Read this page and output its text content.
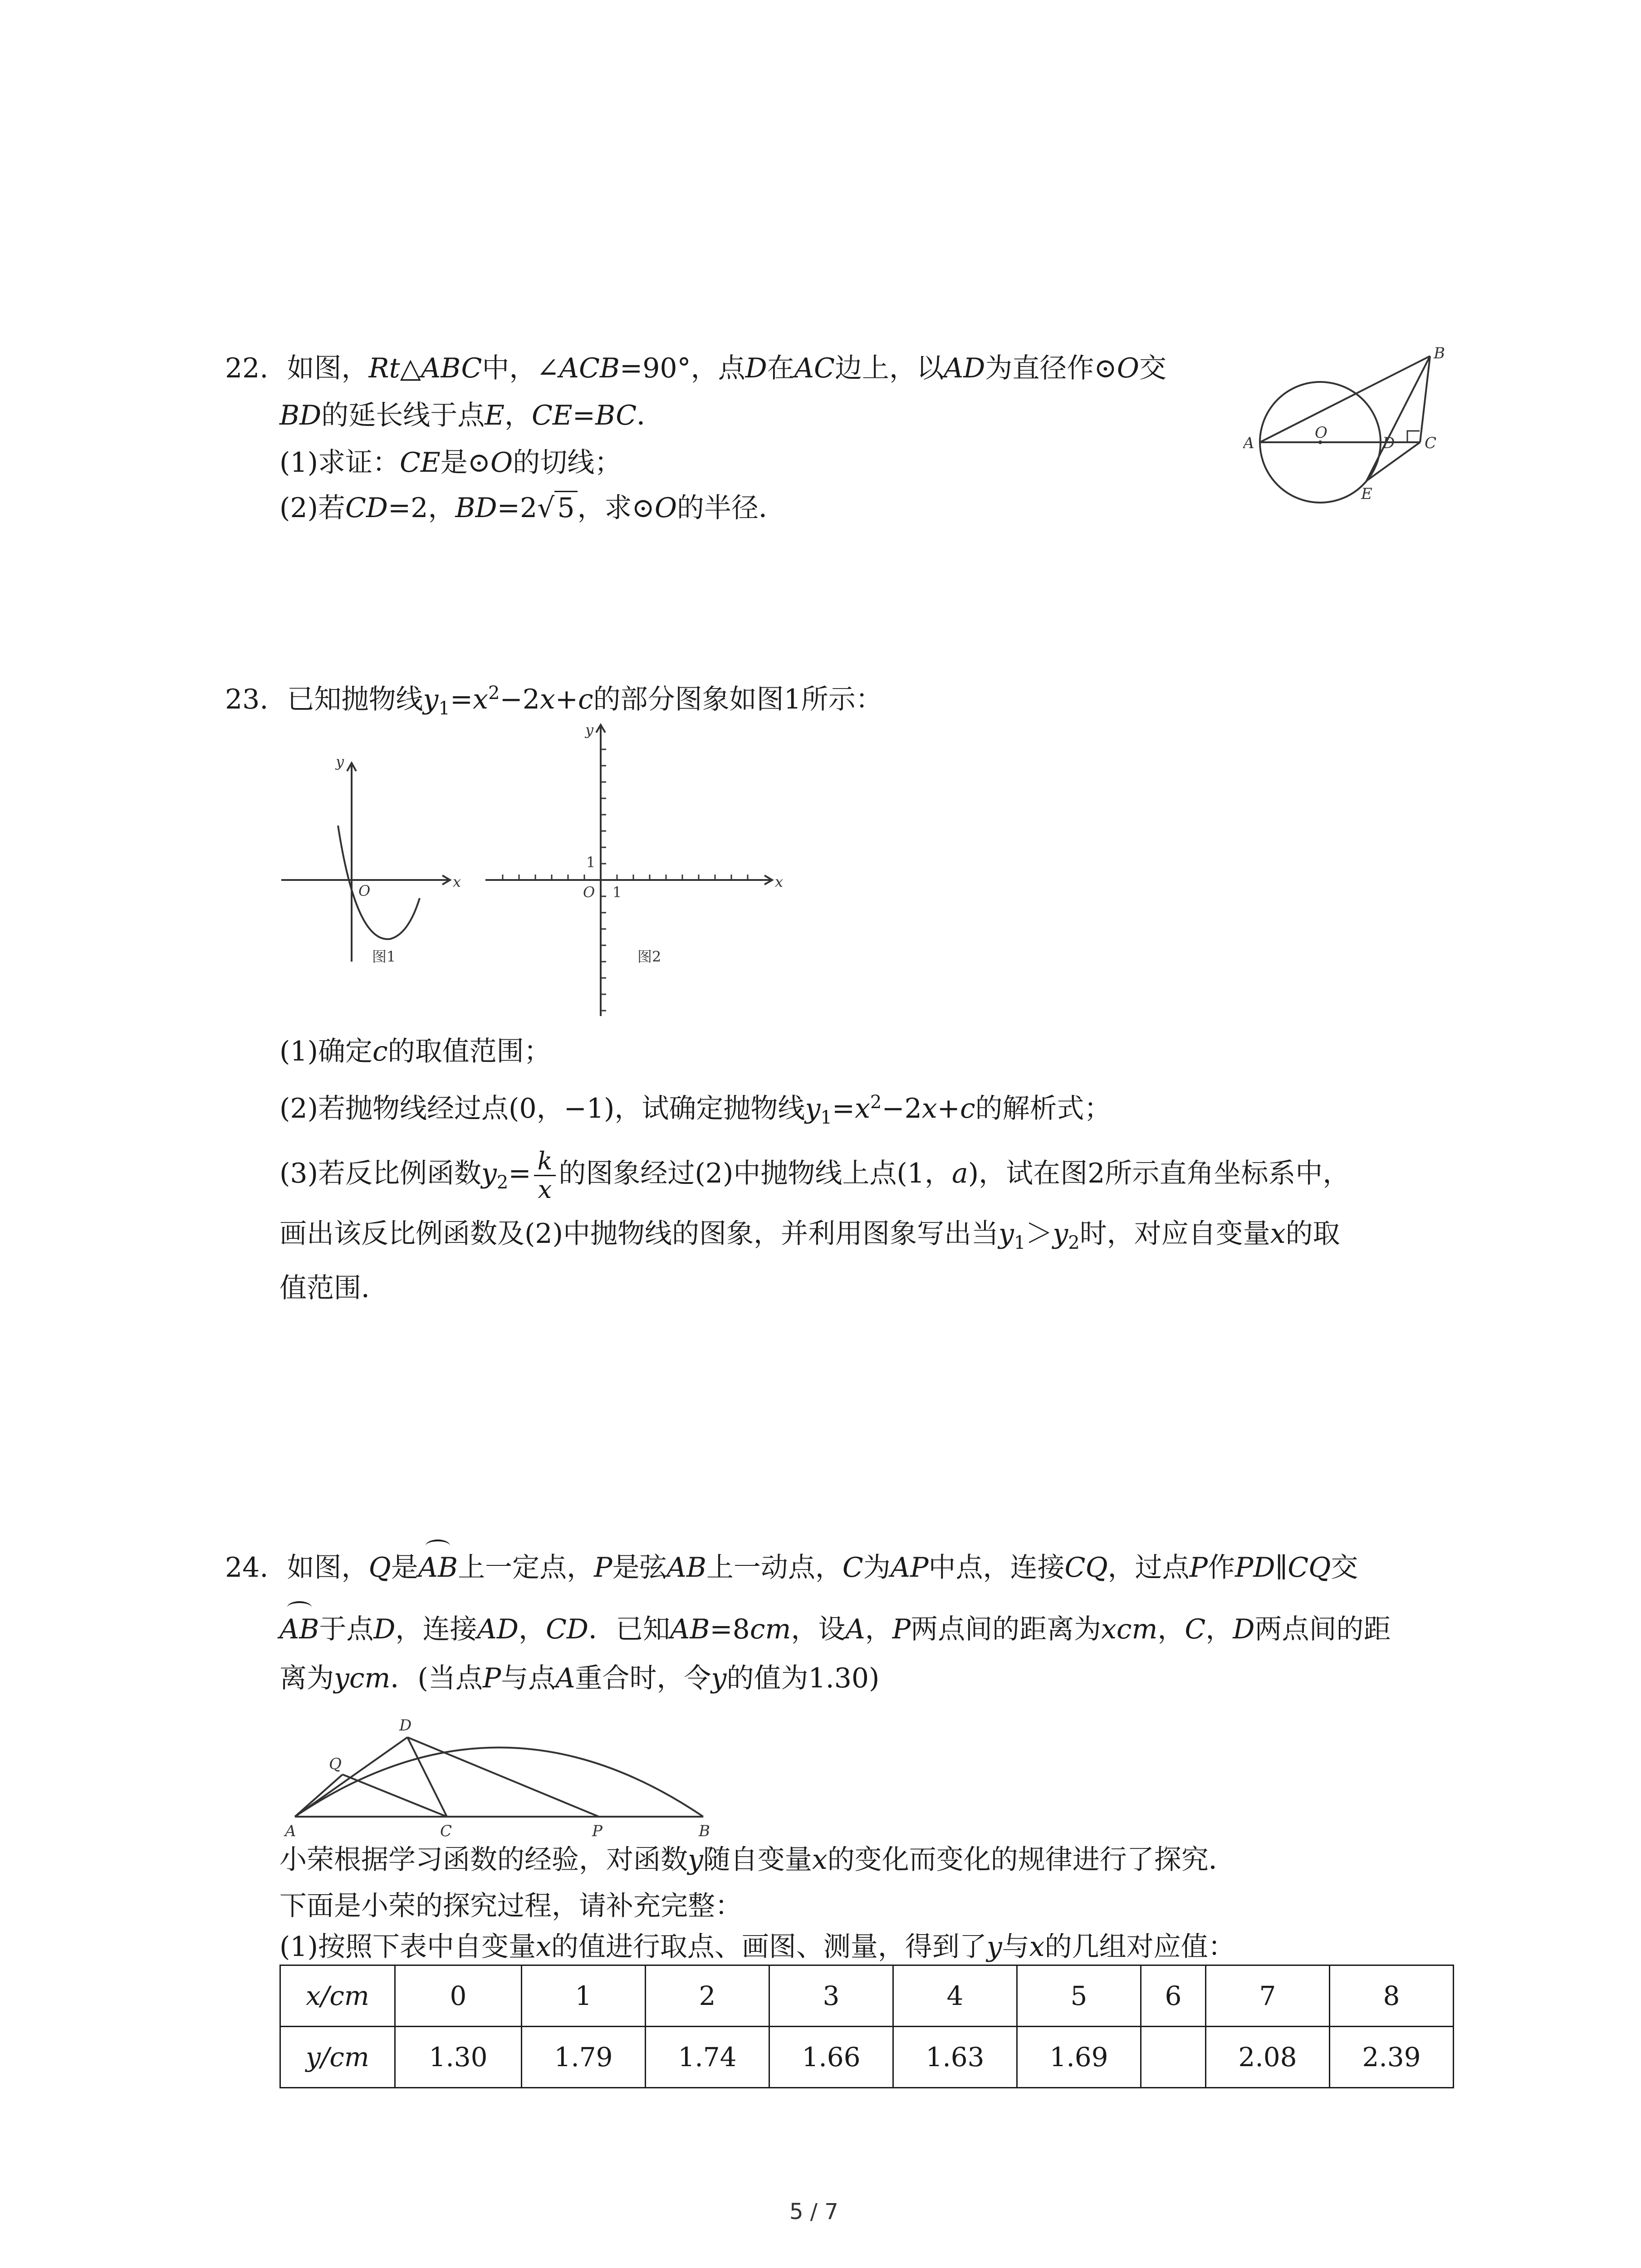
22. 如图，Rt△ABC中，∠ACB=90°，点D在AC边上，以AD为直径作⊙O交
BD的延长线于点E，CE=BC．
(1)求证：CE是⊙O的切线；
(2)若CD=2，BD=2√ 5 ，求⊙O的半径．
A
O
D C
B
E
23. 已知抛物线$y_1=x^2-2x+c$的部分图象如图1所示：
y
O
x
图1
y
O
x
1
1
图2
(1)确定c的取值范围；
(2)若抛物线经过点(0，−1)，试确定抛物线$y_1=x^2-2x+c$的解析式；
(3)若反比例函数$y_2= \frac{k}{x}$ 的图象经过(2)中抛物线上点(1，a)，试在图2所示直角坐标系中，
画出该反比例函数及(2)中抛物线的图象，并利用图象写出当$y_1>y_2$时，对应自变量x的取
值范围．
24. 如图，Q是AB上一定点，P是弦AB上一动点，C为AP中点，连接CQ，过点P作PD∥CQ交
AB于点D，连接AD，CD．已知AB=8cm，设A，P两点间的距离为xcm，C，D两点间的距
离为ycm．(当点P与点A重合时，令y的值为1.30)
D
Q
A	C	P	B
小荣根据学习函数的经验，对函数y随自变量x的变化而变化的规律进行了探究．
下面是小荣的探究过程，请补充完整：
(1)按照下表中自变量x的值进行取点、画图、测量，得到了y与x的几组对应值：
x/cm	0	1	2	3	4	5	6	7	8
y/cm	1.30	1.79	1.74	1.66	1.63	1.69		2.08	2.39
5 / 7
